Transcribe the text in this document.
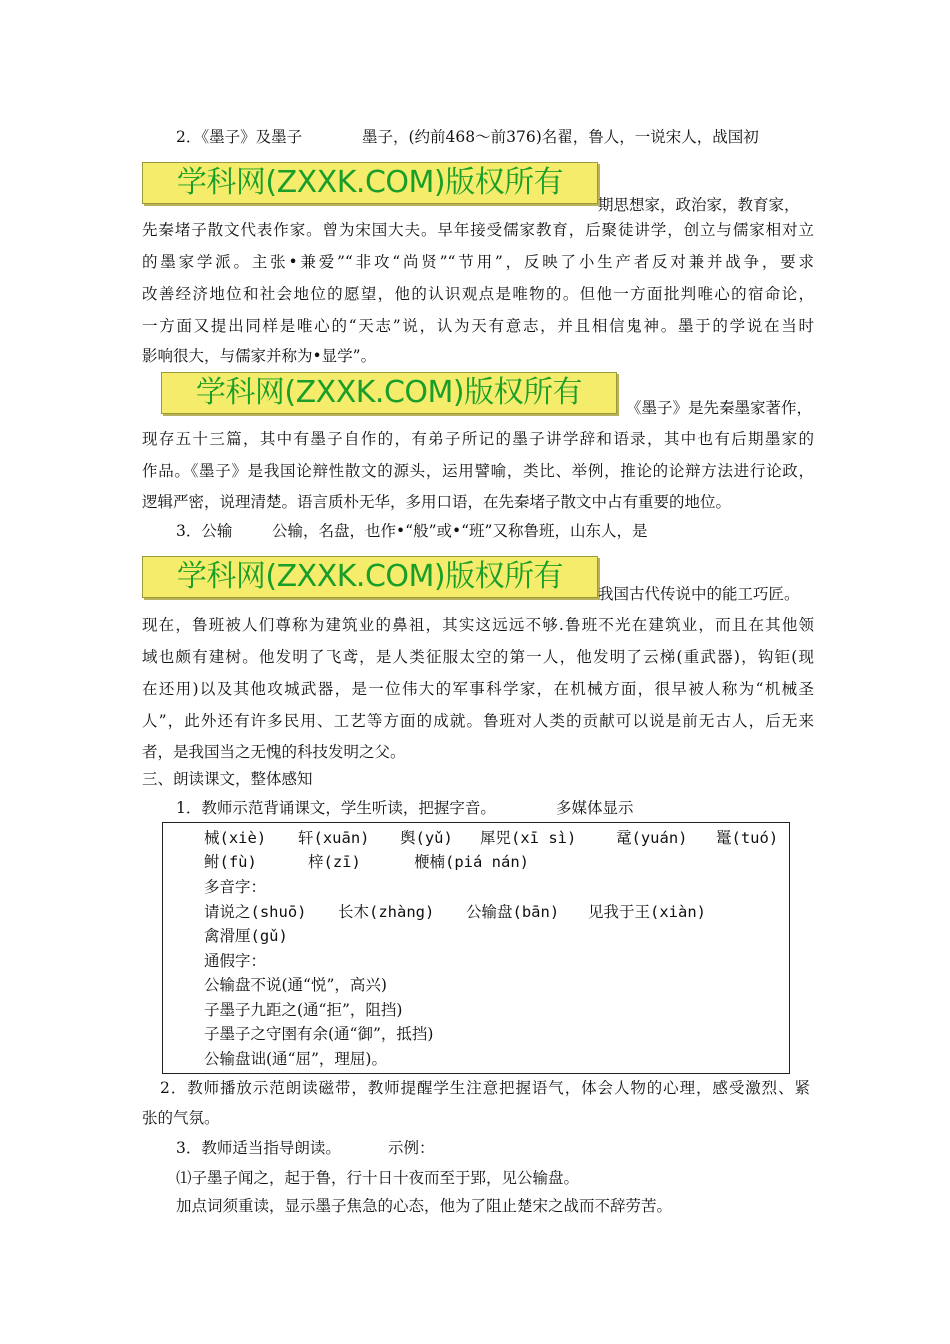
2．《墨子》及墨子	墨子，(约前468～前376)名翟，鲁人，一说宋人，战国初
学科网(ZXXK.COM)版权所有
期思想家，政治家，教育家，
先秦堵子散文代表作家。曾为宋国大夫。早年接受儒家教育，后聚徒讲学，创立与儒家相对立
的墨家学派。主张•兼爱”“非攻“尚贤”“节用”，反映了小生产者反对兼并战争，要求
改善经济地位和社会地位的愿望，他的认识观点是唯物的。但他一方面批判唯心的宿命论，
一方面又提出同样是唯心的“天志”说，认为天有意志，并且相信鬼神。墨于的学说在当时
影响很大，与儒家并称为•显学”。
学科网(ZXXK.COM)版权所有	《墨子》是先秦墨家著作，
现存五十三篇，其中有墨子自作的，有弟子所记的墨子讲学辞和语录，其中也有后期墨家的
作品。《墨子》是我国论辩性散文的源头，运用譬喻，类比、举例，推论的论辩方法进行论政，
逻辑严密，说理清楚。语言质朴无华，多用口语，在先秦堵子散文中占有重要的地位。
3．公输	公输，名盘，也作•“般”或•“班”又称鲁班，山东人，是
学科网(ZXXK.COM)版权所有	我国古代传说中的能工巧匠。
现在，鲁班被人们尊称为建筑业的鼻祖，其实这远远不够.鲁班不光在建筑业，而且在其他领
域也颇有建树。他发明了飞鸢，是人类征服太空的第一人，他发明了云梯(重武器)，钩钜(现
在还用)以及其他攻城武器，是一位伟大的军事科学家，在机械方面，很早被人称为“机械圣
人”，此外还有许多民用、工艺等方面的成就。鲁班对人类的贡献可以说是前无古人，后无来
者，是我国当之无愧的科技发明之父。
三、朗读课文，整体感知
1．教师示范背诵课文，学生听读，把握字音。	多媒体显示
械(xiè) 轩(xuān) 舆(yǔ) 犀兕(xī sì)	鼋(yuán) 鼍(tuó)
鲋(fù)	梓(zī)	楩楠(piá nán)
多音字：
请说之(shuō) 长木(zhàng) 公输盘(bān) 见我于王(xiàn)
禽滑厘(gǔ)
通假字：
公输盘不说(通“悦”，高兴)
子墨子九距之(通“拒”，阻挡)
子墨子之守圉有余(通“御”，抵挡)
公输盘诎(通“屈”，理屈)。
2．教师播放示范朗读磁带，教师提醒学生注意把握语气，体会人物的心理，感受激烈、紧
张的气氛。
3．教师适当指导朗读。	示例：
⑴子墨子闻之，起于鲁，行十日十夜而至于郢，见公输盘。
加点词须重读，显示墨子焦急的心态，他为了阻止楚宋之战而不辞劳苦。
